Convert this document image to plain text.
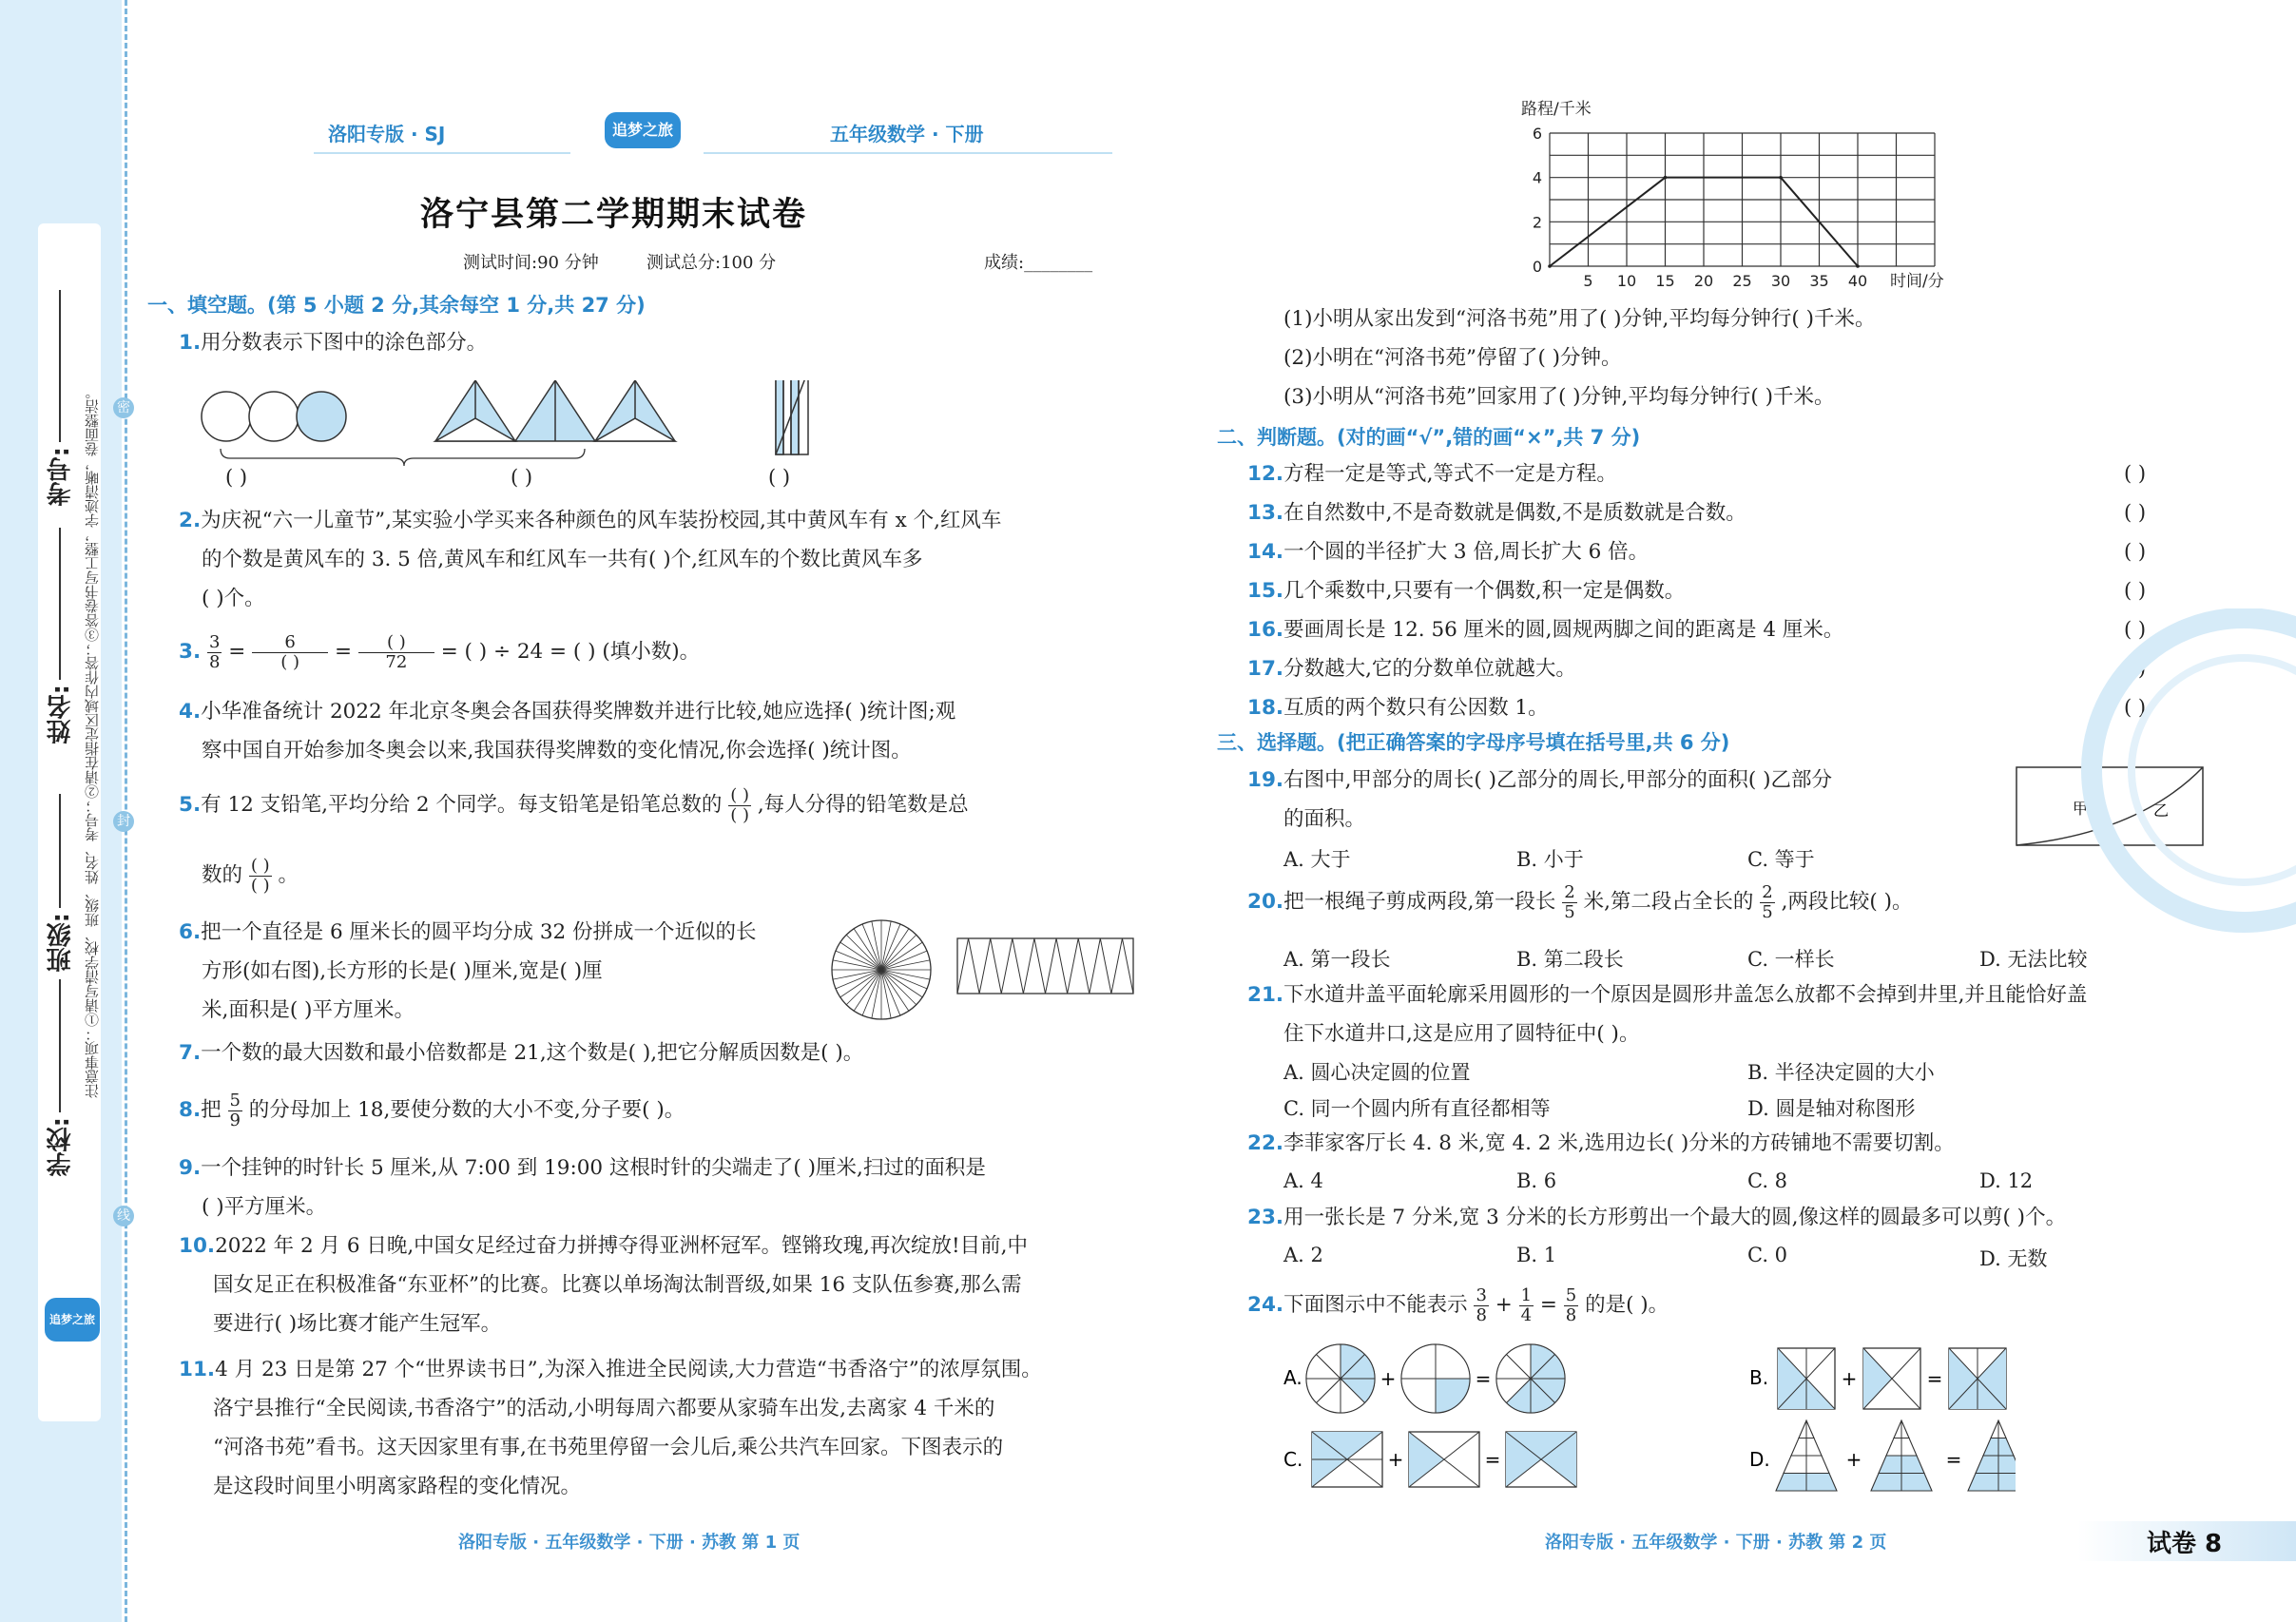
学校:
班级:
姓名:
考号: 注意事项：①请写清学校、班级、姓名、考号；②请在指定区域内作答；③答卷书写工整，字迹清晰，卷面整洁。 密
封
线
追梦之旅
洛阳专版 · SJ	追梦之旅	五年级数学 · 下册
洛宁县第二学期期末试卷
测试时间:90 分钟	测试总分:100 分	成绩:________
一、填空题。(第 5 小题 2 分,其余每空 1 分,共 27 分)
1.用分数表示下图中的涂色部分。
( )	( )	( )
2.为庆祝“六一儿童节”,某实验小学买来各种颜色的风车装扮校园,其中黄风车有 x 个,红风车
的个数是黄风车的 3. 5 倍,黄风车和红风车一共有( )个,红风车的个数比黄风车多
( )个。
3. $\frac{3}{8} = \frac{6}{( )} = \frac{( )}{72}$ = ( ) ÷ 24 = ( ) (填小数)。
4.小华准备统计 2022 年北京冬奥会各国获得奖牌数并进行比较,她应选择( )统计图;观
察中国自开始参加冬奥会以来,我国获得奖牌数的变化情况,你会选择( )统计图。
5.有 12 支铅笔,平均分给 2 个同学。每支铅笔是铅笔总数的 $\frac{( )}{( )}$ ,每人分得的铅笔数是总
数的 $\frac{( )}{( )}$ 。
6.把一个直径是 6 厘米长的圆平均分成 32 份拼成一个近似的长
方形(如右图),长方形的长是( )厘米,宽是( )厘
米,面积是( )平方厘米。
7.一个数的最大因数和最小倍数都是 21,这个数是( ),把它分解质因数是( )。
8.把 $\frac{5}{9}$ 的分母加上 18,要使分数的大小不变,分子要( )。
9.一个挂钟的时针长 5 厘米,从 7:00 到 19:00 这根时针的尖端走了( )厘米,扫过的面积是
( )平方厘米。
10.2022 年 2 月 6 日晚,中国女足经过奋力拼搏夺得亚洲杯冠军。铿锵玫瑰,再次绽放!目前,中
国女足正在积极准备“东亚杯”的比赛。比赛以单场淘汰制晋级,如果 16 支队伍参赛,那么需
要进行( )场比赛才能产生冠军。
11.4 月 23 日是第 27 个“世界读书日”,为深入推进全民阅读,大力营造“书香洛宁”的浓厚氛围。
洛宁县推行“全民阅读,书香洛宁”的活动,小明每周六都要从家骑车出发,去离家 4 千米的
“河洛书苑”看书。这天因家里有事,在书苑里停留一会儿后,乘公共汽车回家。下图表示的
是这段时间里小明离家路程的变化情况。
洛阳专版 · 五年级数学 · 下册 · 苏教 第 1 页
路程/千米
时间/分
5 10 15 20 25 30 35 40
2
4
6
0
(1)小明从家出发到“河洛书苑”用了( )分钟,平均每分钟行( )千米。
(2)小明在“河洛书苑”停留了( )分钟。
(3)小明从“河洛书苑”回家用了( )分钟,平均每分钟行( )千米。
二、判断题。(对的画“√”,错的画“×”,共 7 分)
12.方程一定是等式,等式不一定是方程。	( )
13.在自然数中,不是奇数就是偶数,不是质数就是合数。	( )
14.一个圆的半径扩大 3 倍,周长扩大 6 倍。	( )
15.几个乘数中,只要有一个偶数,积一定是偶数。	( )
16.要画周长是 12. 56 厘米的圆,圆规两脚之间的距离是 4 厘米。	( )
17.分数越大,它的分数单位就越大。	( )
18.互质的两个数只有公因数 1。	( )
三、选择题。(把正确答案的字母序号填在括号里,共 6 分)
19.右图中,甲部分的周长( )乙部分的周长,甲部分的面积( )乙部分
的面积。	甲	乙
A. 大于	B. 小于	C. 等于
20.把一根绳子剪成两段,第一段长 $\frac{2}{5}$ 米,第二段占全长的 $\frac{2}{5}$ ,两段比较( )。
A. 第一段长	B. 第二段长	C. 一样长	D. 无法比较
21.下水道井盖平面轮廓采用圆形的一个原因是圆形井盖怎么放都不会掉到井里,并且能恰好盖
住下水道井口,这是应用了圆特征中( )。
A. 圆心决定圆的位置	B. 半径决定圆的大小
C. 同一个圆内所有直径都相等	D. 圆是轴对称图形
22.李菲家客厅长 4. 8 米,宽 4. 2 米,选用边长( )分米的方砖铺地不需要切割。
A. 4	B. 6	C. 8	D. 12
23.用一张长是 7 分米,宽 3 分米的长方形剪出一个最大的圆,像这样的圆最多可以剪( )个。
A. 2	B. 1	C. 0	D. 无数
24.下面图示中不能表示 $\frac{3}{8} + \frac{1}{4} = \frac{5}{8}$ 的是( )。
A.	B.
C.	D.
+	=	+	=
+	=	+	=
洛阳专版 · 五年级数学 · 下册 · 苏教 第 2 页	试卷 8
